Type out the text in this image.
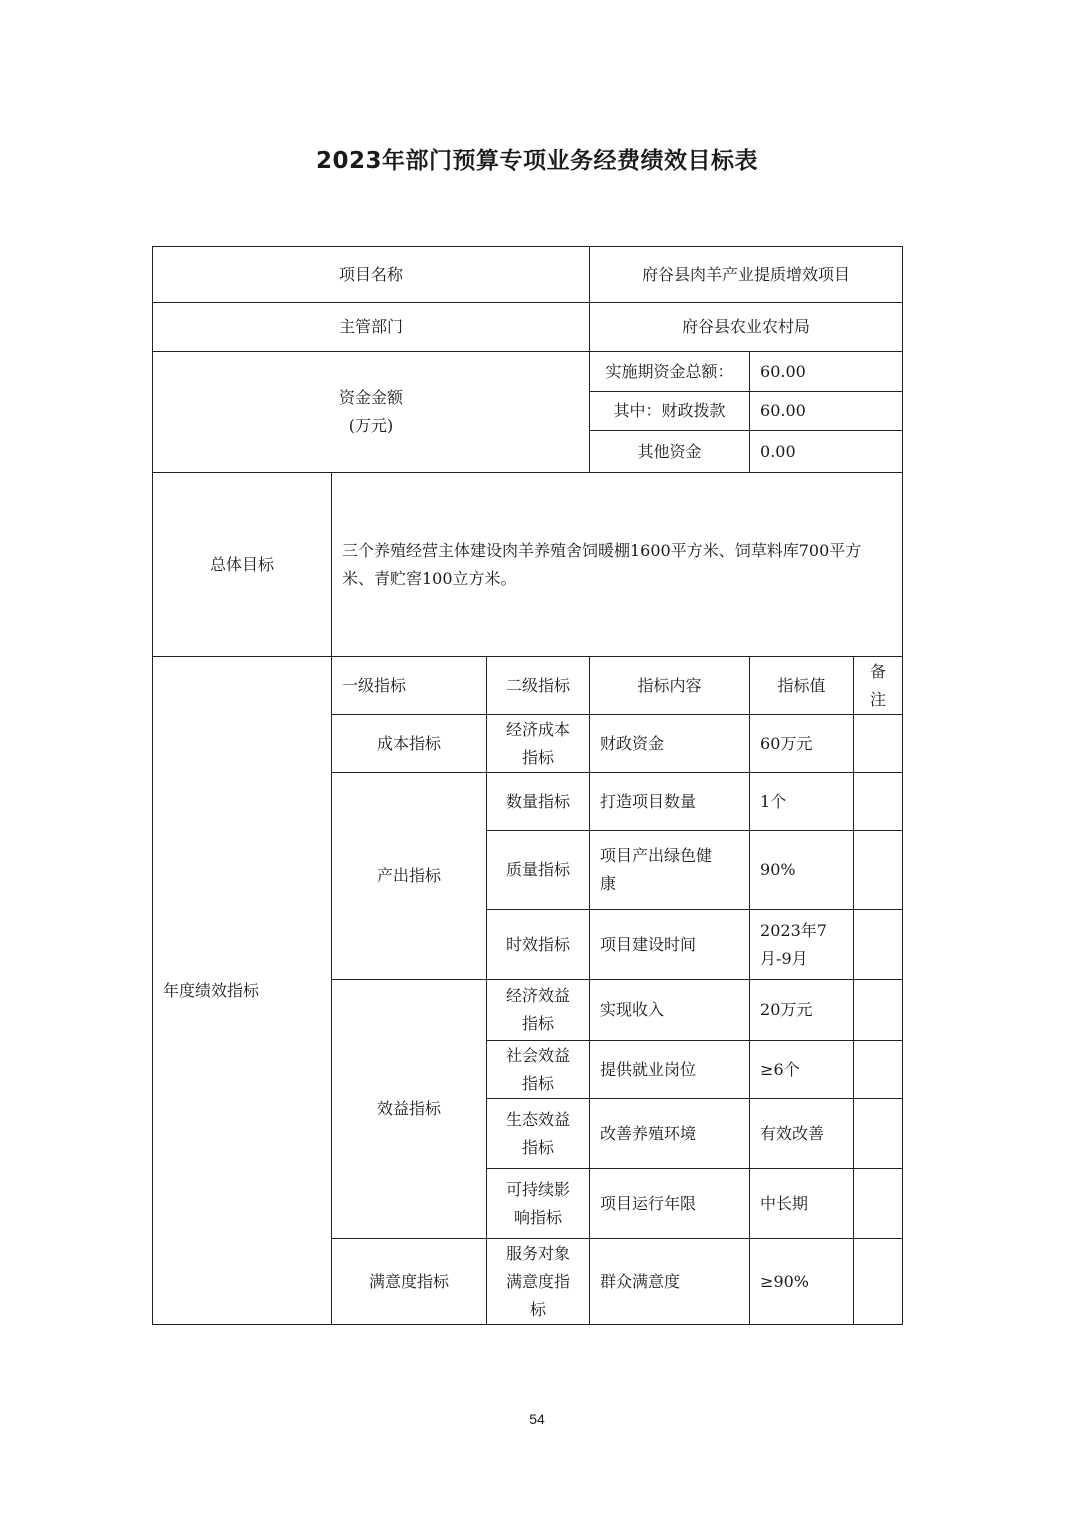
2023年部门预算专项业务经费绩效目标表
项目名称			府谷县肉羊产业提质增效项目		
主管部门			府谷县农业农村局		
资金金额
(万元)			实施期资金总额：	60.00	
			其中：财政拨款	60.00	
			其他资金	0.00	
总体目标	三个养殖经营主体建设肉羊养殖舍饲暖棚1600平方米、饲草料库700平方米、青贮窖100立方米。				
年度绩效指标	一级指标	二级指标	指标内容	指标值	备
注
	成本指标	经济成本
指标	财政资金	60万元	
	产出指标	数量指标	打造项目数量	1个	
		质量指标	项目产出绿色健
康	90%	
		时效指标	项目建设时间	2023年7
月-9月	
	效益指标	经济效益
指标	实现收入	20万元	
		社会效益
指标	提供就业岗位	≥6个	
		生态效益
指标	改善养殖环境	有效改善	
		可持续影
响指标	项目运行年限	中长期	
	满意度指标	服务对象
满意度指
标	群众满意度	≥90%	
54
